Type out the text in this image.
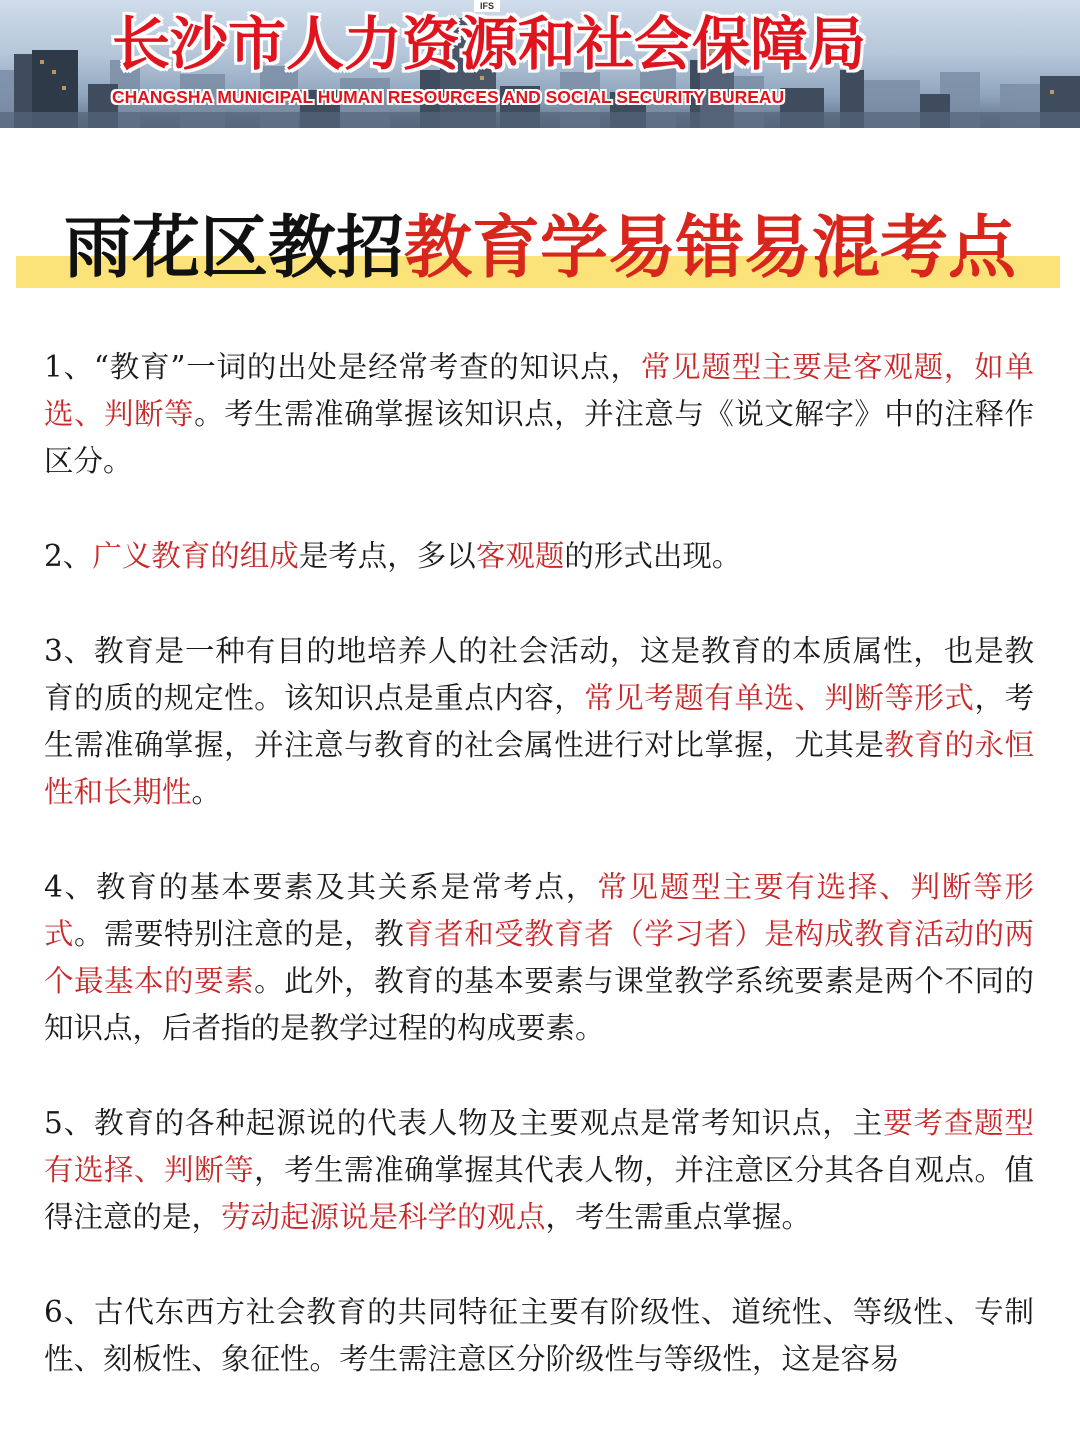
IFS
长沙市人力资源和社会保障局
CHANGSHA MUNICIPAL HUMAN RESOURCES AND SOCIAL SECURITY BUREAU
雨花区教招教育学易错易混考点

1、“教育”一词的出处是经常考查的知识点，常见题型主要是客观题，如单选、判断等。考生需准确掌握该知识点，并注意与《说文解字》中的注释作区分。

2、广义教育的组成是考点，多以客观题的形式出现。

3、教育是一种有目的地培养人的社会活动，这是教育的本质属性，也是教育的质的规定性。该知识点是重点内容，常见考题有单选、判断等形式，考生需准确掌握，并注意与教育的社会属性进行对比掌握，尤其是教育的永恒性和长期性。

4、教育的基本要素及其关系是常考点，常见题型主要有选择、判断等形式。需要特别注意的是，教育者和受教育者（学习者）是构成教育活动的两个最基本的要素。此外，教育的基本要素与课堂教学系统要素是两个不同的知识点，后者指的是教学过程的构成要素。

5、教育的各种起源说的代表人物及主要观点是常考知识点，主要考查题型有选择、判断等，考生需准确掌握其代表人物，并注意区分其各自观点。值得注意的是，劳动起源说是科学的观点，考生需重点掌握。

6、古代东西方社会教育的共同特征主要有阶级性、道统性、等级性、专制性、刻板性、象征性。考生需注意区分阶级性与等级性，这是容易
